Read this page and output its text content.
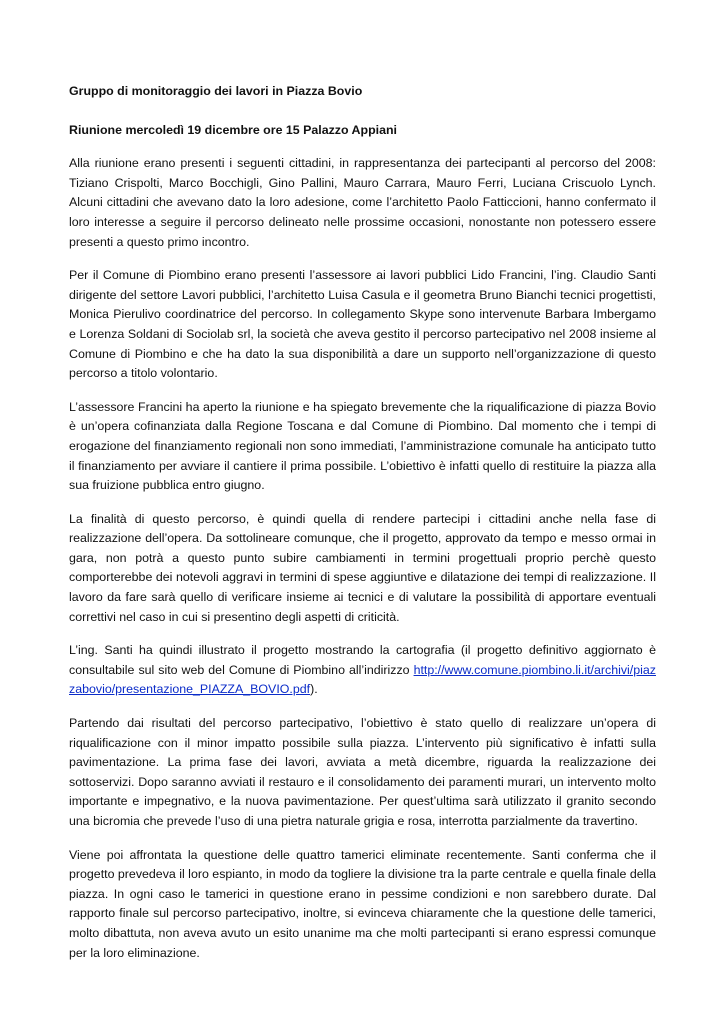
Gruppo di monitoraggio dei lavori in Piazza Bovio

Riunione mercoledì 19 dicembre ore 15 Palazzo Appiani

Alla riunione erano presenti i seguenti cittadini, in rappresentanza dei partecipanti al percorso del 2008: Tiziano Crispolti, Marco Bocchigli, Gino Pallini, Mauro Carrara, Mauro Ferri, Luciana Criscuolo Lynch. Alcuni cittadini che avevano dato la loro adesione, come l’architetto Paolo Fatticcioni, hanno confermato il loro interesse a seguire il percorso delineato nelle prossime occasioni, nonostante non potessero essere presenti a questo primo incontro.

Per il Comune di Piombino erano presenti l’assessore ai lavori pubblici Lido Francini, l’ing. Claudio Santi dirigente del settore Lavori pubblici, l’architetto Luisa Casula e il geometra Bruno Bianchi tecnici progettisti, Monica Pierulivo coordinatrice del percorso. In collegamento Skype sono intervenute Barbara Imbergamo e Lorenza Soldani di Sociolab srl, la società che aveva gestito il percorso partecipativo nel 2008 insieme al Comune di Piombino e che ha dato la sua disponibilità a dare un supporto nell’organizzazione di questo percorso a titolo volontario.

L’assessore Francini ha aperto la riunione e ha spiegato brevemente che la riqualificazione di piazza Bovio è un’opera cofinanziata dalla Regione Toscana e dal Comune di Piombino. Dal momento che i tempi di erogazione del finanziamento regionali non sono immediati, l’amministrazione comunale ha anticipato tutto il finanziamento per avviare il cantiere il prima possibile. L’obiettivo è infatti quello di restituire la piazza alla sua fruizione pubblica entro giugno.

La finalità di questo percorso, è quindi quella di rendere partecipi i cittadini anche nella fase di realizzazione dell’opera. Da sottolineare comunque, che il progetto, approvato da tempo e messo ormai in gara, non potrà a questo punto subire cambiamenti in termini progettuali proprio perchè questo comporterebbe dei notevoli aggravi in termini di spese aggiuntive e dilatazione dei tempi di realizzazione. Il lavoro da fare sarà quello di verificare insieme ai tecnici e di valutare la possibilità di apportare eventuali correttivi nel caso in cui si presentino degli aspetti di criticità.

L’ing. Santi ha quindi illustrato il progetto mostrando la cartografia (il progetto definitivo aggiornato è consultabile sul sito web del Comune di Piombino all’indirizzo http://www.comune.piombino.li.it/archivi/piazzabovio/presentazione_PIAZZA_BOVIO.pdf).

Partendo dai risultati del percorso partecipativo, l’obiettivo è stato quello di realizzare un’opera di riqualificazione con il minor impatto possibile sulla piazza. L’intervento più significativo è infatti sulla pavimentazione. La prima fase dei lavori, avviata a metà dicembre, riguarda la realizzazione dei sottoservizi. Dopo saranno avviati il restauro e il consolidamento dei paramenti murari, un intervento molto importante e impegnativo, e la nuova pavimentazione. Per quest’ultima sarà utilizzato il granito secondo una bicromia che prevede l’uso di una pietra naturale grigia e rosa, interrotta parzialmente da travertino.

Viene poi affrontata la questione delle quattro tamerici eliminate recentemente. Santi conferma che il progetto prevedeva il loro espianto, in modo da togliere la divisione tra la parte centrale e quella finale della piazza. In ogni caso le tamerici in questione erano in pessime condizioni e non sarebbero durate. Dal rapporto finale sul percorso partecipativo, inoltre, si evinceva chiaramente che la questione delle tamerici, molto dibattuta, non aveva avuto un esito unanime ma che molti partecipanti si erano espressi comunque per la loro eliminazione.
